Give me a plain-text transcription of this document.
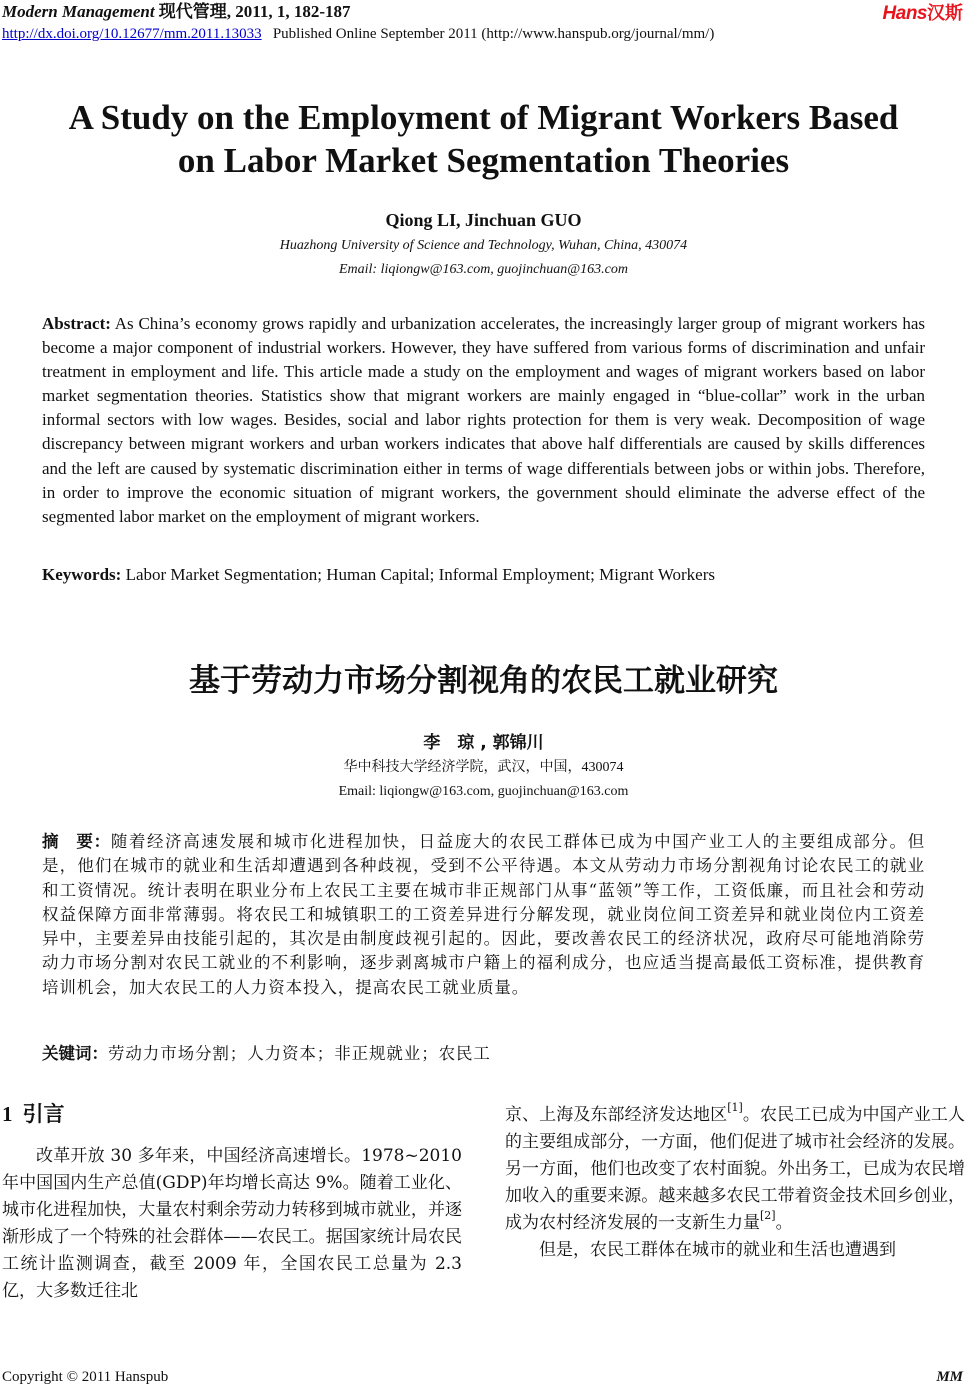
Modern Management 现代管理, 2011, 1, 182-187
http://dx.doi.org/10.12677/mm.2011.13033 Published Online September 2011 (http://www.hanspub.org/journal/mm/)
Hans汉斯
A Study on the Employment of Migrant Workers Based
on Labor Market Segmentation Theories
Qiong LI, Jinchuan GUO
Huazhong University of Science and Technology, Wuhan, China, 430074
Email: liqiongw@163.com, guojinchuan@163.com
Abstract: As China’s economy grows rapidly and urbanization accelerates, the increasingly larger group of migrant workers has become a major component of industrial workers. However, they have suffered from various forms of discrimination and unfair treatment in employment and life. This article made a study on the employment and wages of migrant workers based on labor market segmentation theories. Statistics show that migrant workers are mainly engaged in “blue-collar” work in the urban informal sectors with low wages. Besides, social and labor rights protection for them is very weak. Decomposition of wage discrepancy between migrant workers and urban workers indicates that above half differentials are caused by skills differences and the left are caused by systematic discrimination either in terms of wage differentials between jobs or within jobs. Therefore, in order to improve the economic situation of migrant workers, the government should eliminate the adverse effect of the segmented labor market on the employment of migrant workers.
Keywords: Labor Market Segmentation; Human Capital; Informal Employment; Migrant Workers
基于劳动力市场分割视角的农民工就业研究
李　琼 , 郭锦川
华中科技大学经济学院，武汉，中国，430074
Email: liqiongw@163.com, guojinchuan@163.com
摘　要：随着经济高速发展和城市化进程加快，日益庞大的农民工群体已成为中国产业工人的主要组成部分。但是，他们在城市的就业和生活却遭遇到各种歧视，受到不公平待遇。本文从劳动力市场分割视角讨论农民工的就业和工资情况。统计表明在职业分布上农民工主要在城市非正规部门从事“蓝领”等工作，工资低廉，而且社会和劳动权益保障方面非常薄弱。将农民工和城镇职工的工资差异进行分解发现，就业岗位间工资差异和就业岗位内工资差异中，主要差异由技能引起的，其次是由制度歧视引起的。因此，要改善农民工的经济状况，政府尽可能地消除劳动力市场分割对农民工就业的不利影响，逐步剥离城市户籍上的福利成分，也应适当提高最低工资标准，提供教育培训机会，加大农民工的人力资本投入，提高农民工就业质量。
关键词：劳动力市场分割；人力资本；非正规就业；农民工
1 引言

改革开放 30 多年来，中国经济高速增长。1978~2010 年中国国内生产总值(GDP)年均增长高达 9%。随着工业化、城市化进程加快，大量农村剩余劳动力转移到城市就业，并逐渐形成了一个特殊的社会群体——农民工。据国家统计局农民工统计监测调查，截至 2009 年，全国农民工总量为 2.3 亿，大多数迁往北

京、上海及东部经济发达地区[1]。农民工已成为中国产业工人的主要组成部分，一方面，他们促进了城市社会经济的发展。另一方面，他们也改变了农村面貌。外出务工，已成为农民增加收入的重要来源。越来越多农民工带着资金技术回乡创业，成为农村经济发展的一支新生力量[2]。

但是，农民工群体在城市的就业和生活也遭遇到

Copyright © 2011 Hanspub	MM
